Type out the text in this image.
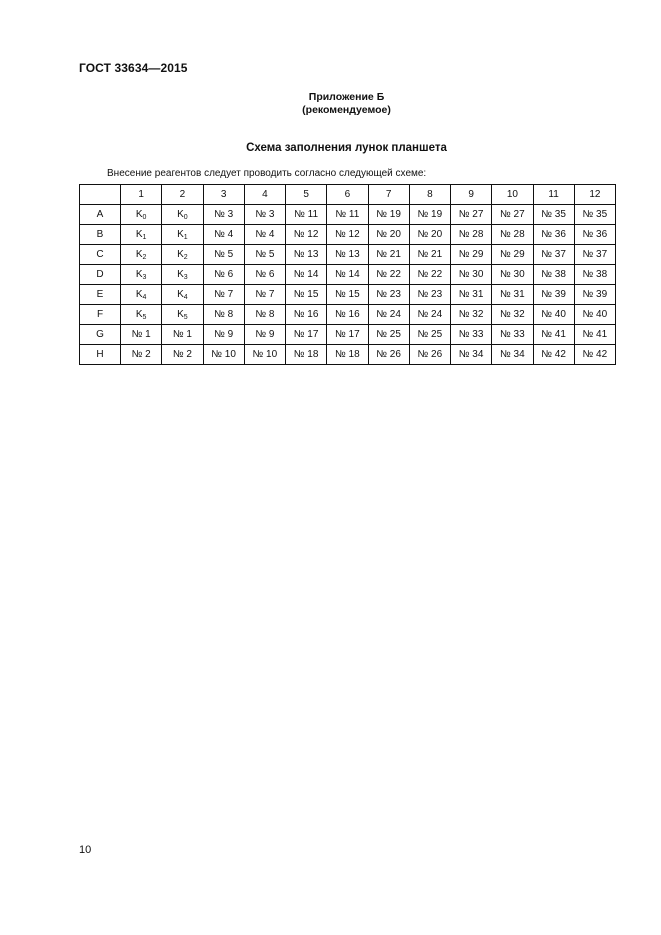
ГОСТ 33634—2015
Приложение Б
(рекомендуемое)
Схема заполнения лунок планшета
Внесение реагентов следует проводить согласно следующей схеме:
	1	2	3	4	5	6	7	8	9	10	11	12
A	$K_0$	$K_0$	№ 3	№ 3	№ 11	№ 11	№ 19	№ 19	№ 27	№ 27	№ 35	№ 35
B	$K_1$	$K_1$	№ 4	№ 4	№ 12	№ 12	№ 20	№ 20	№ 28	№ 28	№ 36	№ 36
C	$K_2$	$K_2$	№ 5	№ 5	№ 13	№ 13	№ 21	№ 21	№ 29	№ 29	№ 37	№ 37
D	$K_3$	$K_3$	№ 6	№ 6	№ 14	№ 14	№ 22	№ 22	№ 30	№ 30	№ 38	№ 38
E	$K_4$	$K_4$	№ 7	№ 7	№ 15	№ 15	№ 23	№ 23	№ 31	№ 31	№ 39	№ 39
F	$K_5$	$K_5$	№ 8	№ 8	№ 16	№ 16	№ 24	№ 24	№ 32	№ 32	№ 40	№ 40
G	№ 1	№ 1	№ 9	№ 9	№ 17	№ 17	№ 25	№ 25	№ 33	№ 33	№ 41	№ 41
H	№ 2	№ 2	№ 10	№ 10	№ 18	№ 18	№ 26	№ 26	№ 34	№ 34	№ 42	№ 42
10
